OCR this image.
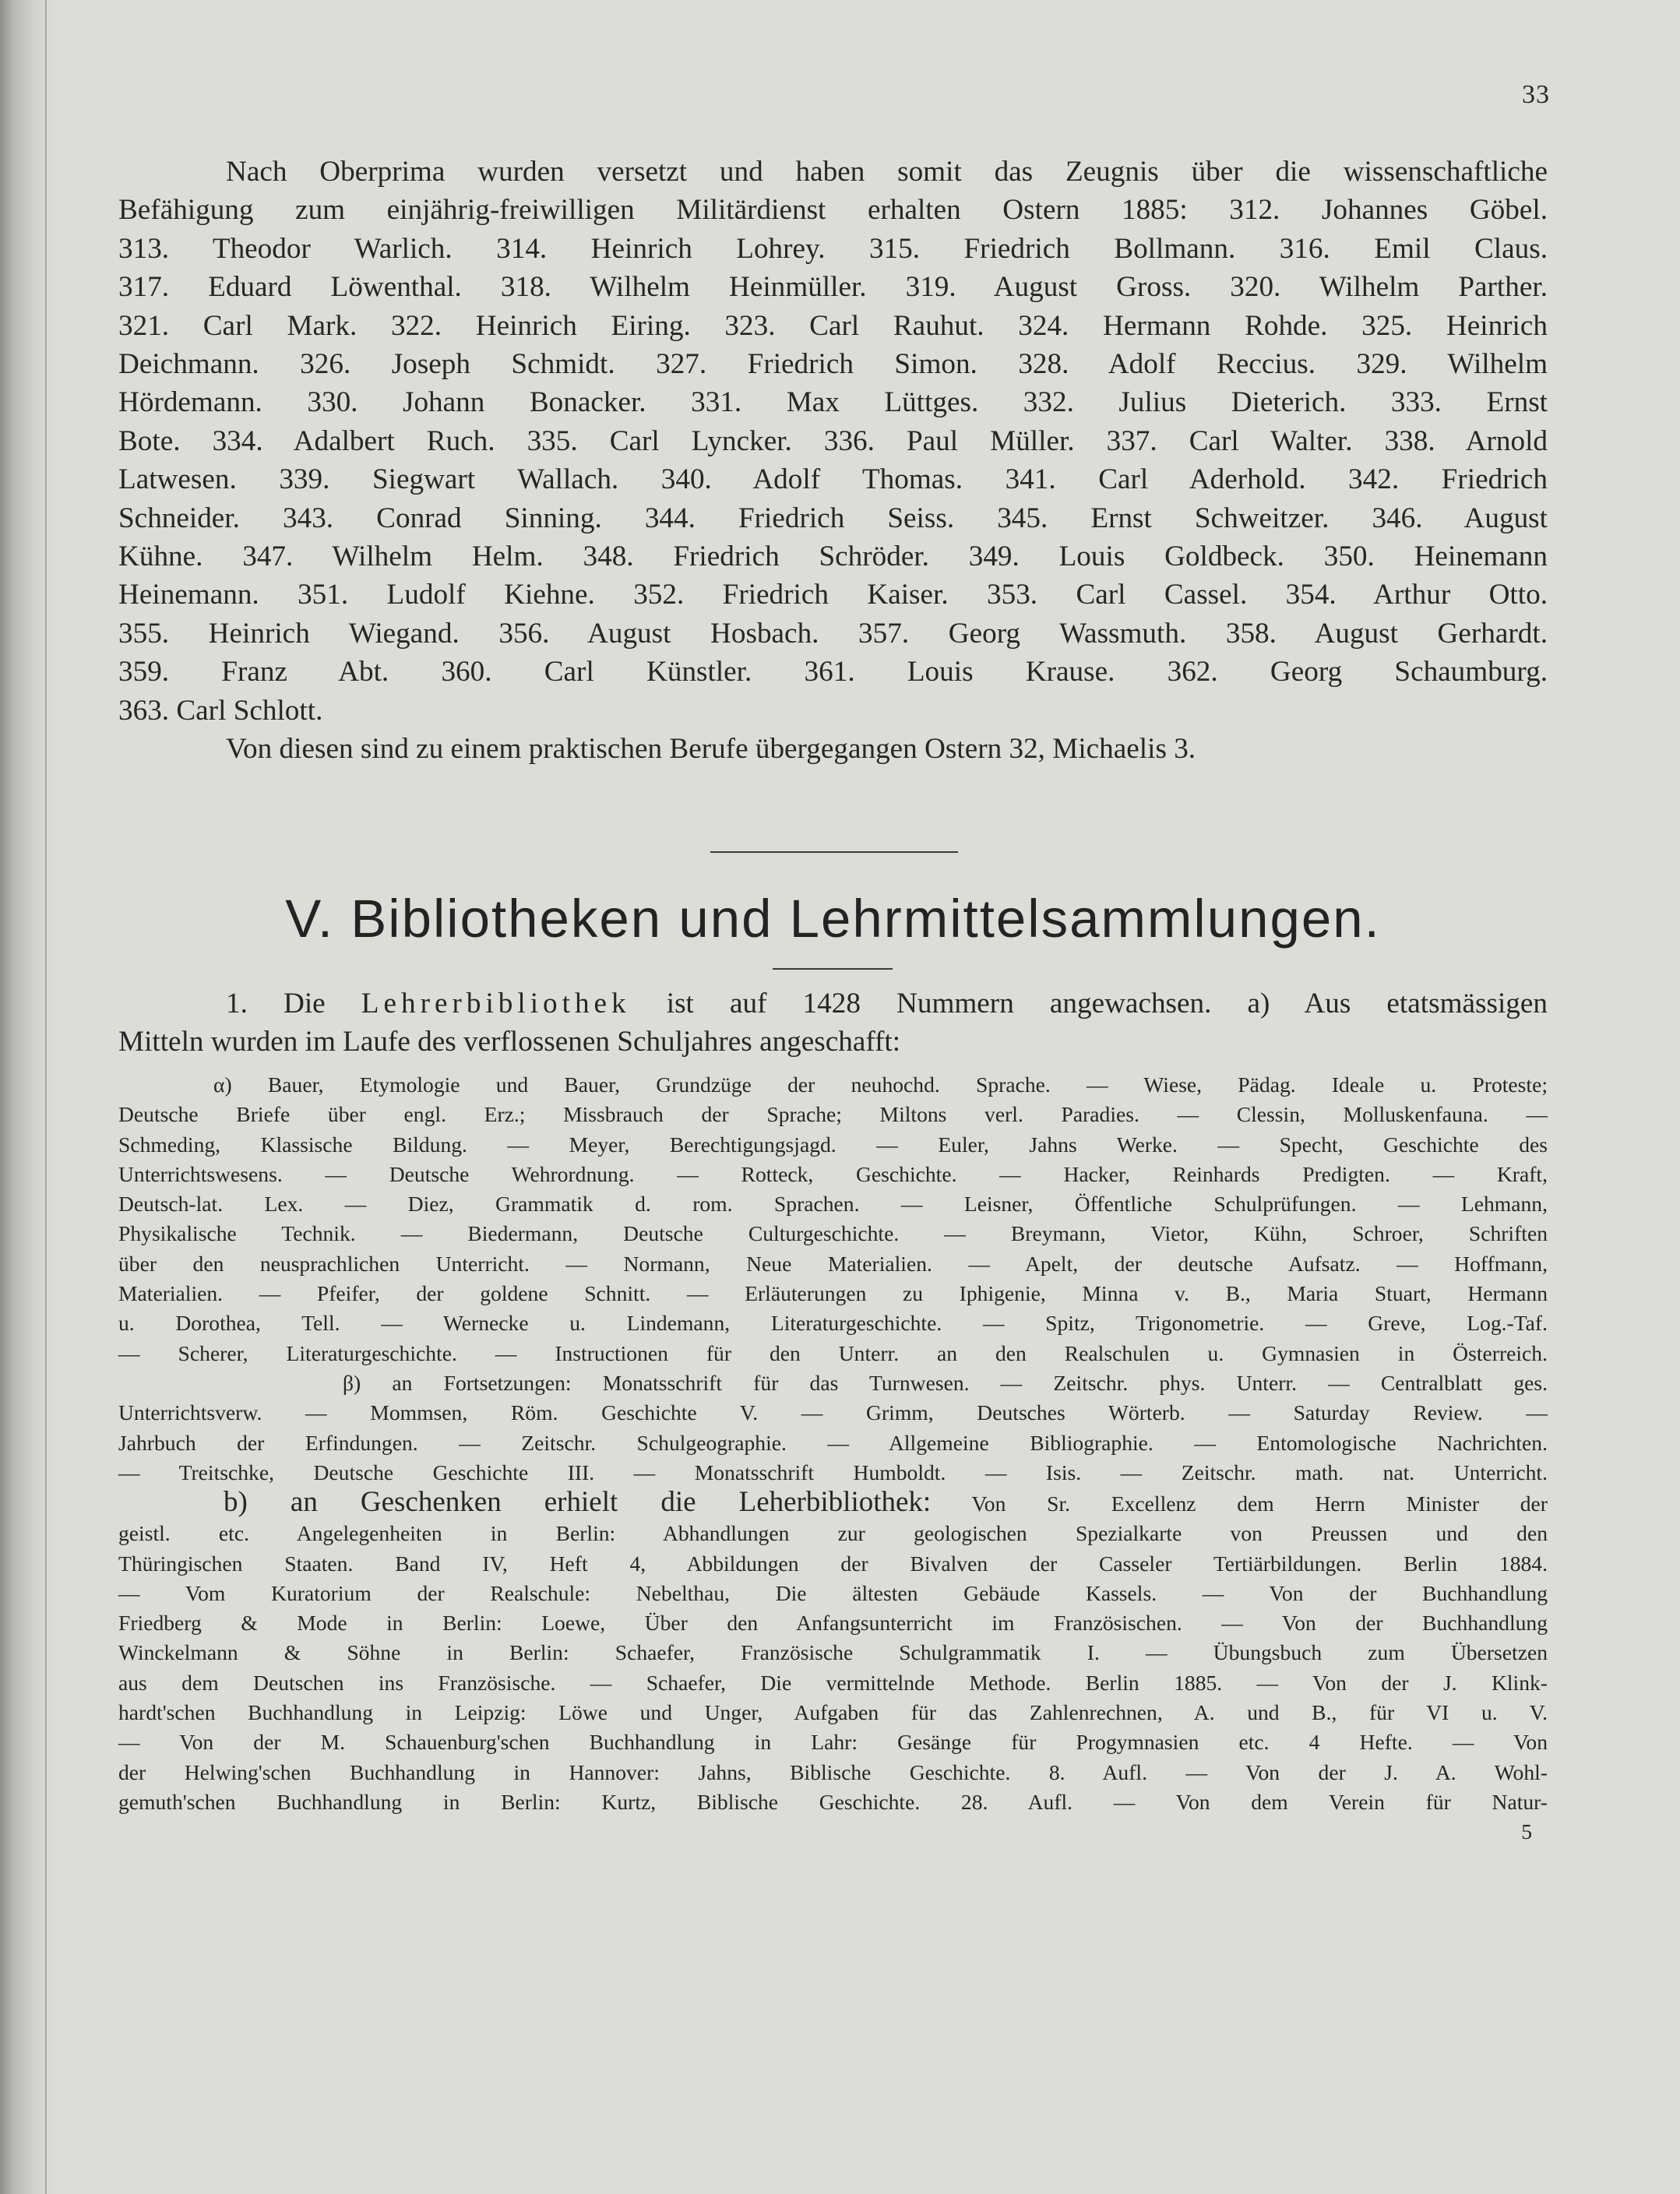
33
Nach Oberprima wurden versetzt und haben somit das Zeugnis über die wissenschaftliche
Befähigung zum einjährig-freiwilligen Militärdienst erhalten Ostern 1885: 312. Johannes Göbel.
313. Theodor Warlich. 314. Heinrich Lohrey. 315. Friedrich Bollmann. 316. Emil Claus.
317. Eduard Löwenthal. 318. Wilhelm Heinmüller. 319. August Gross. 320. Wilhelm Parther.
321. Carl Mark. 322. Heinrich Eiring. 323. Carl Rauhut. 324. Hermann Rohde. 325. Heinrich
Deichmann. 326. Joseph Schmidt. 327. Friedrich Simon. 328. Adolf Reccius. 329. Wilhelm
Hördemann. 330. Johann Bonacker. 331. Max Lüttges. 332. Julius Dieterich. 333. Ernst
Bote. 334. Adalbert Ruch. 335. Carl Lyncker. 336. Paul Müller. 337. Carl Walter. 338. Arnold
Latwesen. 339. Siegwart Wallach. 340. Adolf Thomas. 341. Carl Aderhold. 342. Friedrich
Schneider. 343. Conrad Sinning. 344. Friedrich Seiss. 345. Ernst Schweitzer. 346. August
Kühne. 347. Wilhelm Helm. 348. Friedrich Schröder. 349. Louis Goldbeck. 350. Heinemann
Heinemann. 351. Ludolf Kiehne. 352. Friedrich Kaiser. 353. Carl Cassel. 354. Arthur Otto.
355. Heinrich Wiegand. 356. August Hosbach. 357. Georg Wassmuth. 358. August Gerhardt.
359. Franz Abt. 360. Carl Künstler. 361. Louis Krause. 362. Georg Schaumburg.
363. Carl Schlott.
Von diesen sind zu einem praktischen Berufe übergegangen Ostern 32, Michaelis 3.
V. Bibliotheken und Lehrmittelsammlungen.
1. Die Lehrerbibliothek ist auf 1428 Nummern angewachsen. a) Aus etatsmässigen
Mitteln wurden im Laufe des verflossenen Schuljahres angeschafft:
α) Bauer, Etymologie und Bauer, Grundzüge der neuhochd. Sprache. — Wiese, Pädag. Ideale u. Proteste;
Deutsche Briefe über engl. Erz.; Missbrauch der Sprache; Miltons verl. Paradies. — Clessin, Molluskenfauna. —
Schmeding, Klassische Bildung. — Meyer, Berechtigungsjagd. — Euler, Jahns Werke. — Specht, Geschichte des
Unterrichtswesens. — Deutsche Wehrordnung. — Rotteck, Geschichte. — Hacker, Reinhards Predigten. — Kraft,
Deutsch-lat. Lex. — Diez, Grammatik d. rom. Sprachen. — Leisner, Öffentliche Schulprüfungen. — Lehmann,
Physikalische Technik. — Biedermann, Deutsche Culturgeschichte. — Breymann, Vietor, Kühn, Schroer, Schriften
über den neusprachlichen Unterricht. — Normann, Neue Materialien. — Apelt, der deutsche Aufsatz. — Hoffmann,
Materialien. — Pfeifer, der goldene Schnitt. — Erläuterungen zu Iphigenie, Minna v. B., Maria Stuart, Hermann
u. Dorothea, Tell. — Wernecke u. Lindemann, Literaturgeschichte. — Spitz, Trigonometrie. — Greve, Log.-Taf.
— Scherer, Literaturgeschichte. — Instructionen für den Unterr. an den Realschulen u. Gymnasien in Österreich.
β) an Fortsetzungen: Monatsschrift für das Turnwesen. — Zeitschr. phys. Unterr. — Centralblatt ges.
Unterrichtsverw. — Mommsen, Röm. Geschichte V. — Grimm, Deutsches Wörterb. — Saturday Review. —
Jahrbuch der Erfindungen. — Zeitschr. Schulgeographie. — Allgemeine Bibliographie. — Entomologische Nachrichten.
— Treitschke, Deutsche Geschichte III. — Monatsschrift Humboldt. — Isis. — Zeitschr. math. nat. Unterricht.
b) an Geschenken erhielt die Leherbibliothek: Von Sr. Excellenz dem Herrn Minister der
geistl. etc. Angelegenheiten in Berlin: Abhandlungen zur geologischen Spezialkarte von Preussen und den
Thüringischen Staaten. Band IV, Heft 4, Abbildungen der Bivalven der Casseler Tertiärbildungen. Berlin 1884.
— Vom Kuratorium der Realschule: Nebelthau, Die ältesten Gebäude Kassels. — Von der Buchhandlung
Friedberg & Mode in Berlin: Loewe, Über den Anfangsunterricht im Französischen. — Von der Buchhandlung
Winckelmann & Söhne in Berlin: Schaefer, Französische Schulgrammatik I. — Übungsbuch zum Übersetzen
aus dem Deutschen ins Französische. — Schaefer, Die vermittelnde Methode. Berlin 1885. — Von der J. Klink-
hardt'schen Buchhandlung in Leipzig: Löwe und Unger, Aufgaben für das Zahlenrechnen, A. und B., für VI u. V.
— Von der M. Schauenburg'schen Buchhandlung in Lahr: Gesänge für Progymnasien etc. 4 Hefte. — Von
der Helwing'schen Buchhandlung in Hannover: Jahns, Biblische Geschichte. 8. Aufl. — Von der J. A. Wohl-
gemuth'schen Buchhandlung in Berlin: Kurtz, Biblische Geschichte. 28. Aufl. — Von dem Verein für Natur-
5
